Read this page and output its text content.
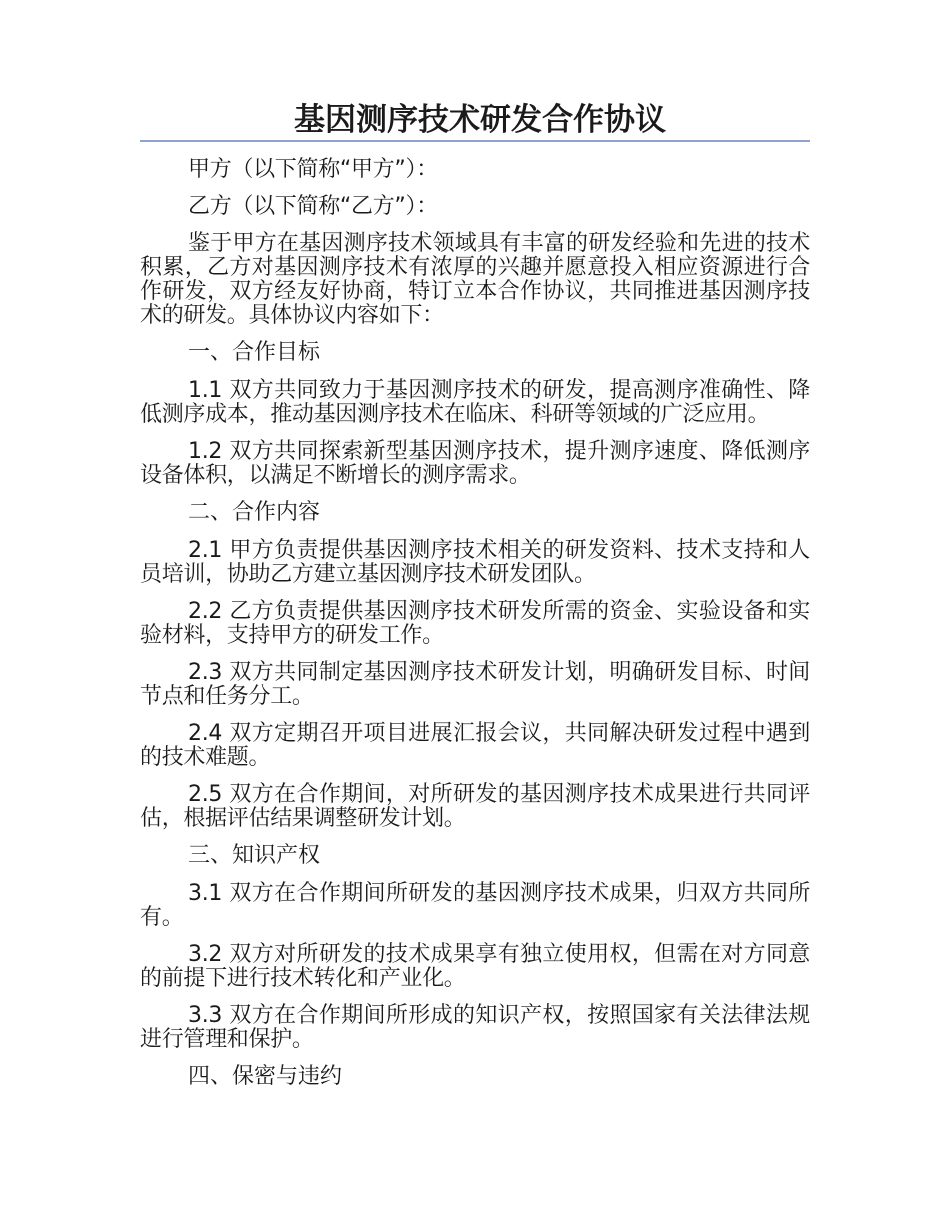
基因测序技术研发合作协议

甲方（以下简称“甲方”）：

乙方（以下简称“乙方”）：

鉴于甲方在基因测序技术领域具有丰富的研发经验和先进的技术积累，乙方对基因测序技术有浓厚的兴趣并愿意投入相应资源进行合作研发，双方经友好协商，特订立本合作协议，共同推进基因测序技术的研发。具体协议内容如下：

一、合作目标

1.1 双方共同致力于基因测序技术的研发，提高测序准确性、降低测序成本，推动基因测序技术在临床、科研等领域的广泛应用。

1.2 双方共同探索新型基因测序技术，提升测序速度、降低测序设备体积，以满足不断增长的测序需求。

二、合作内容

2.1 甲方负责提供基因测序技术相关的研发资料、技术支持和人员培训，协助乙方建立基因测序技术研发团队。

2.2 乙方负责提供基因测序技术研发所需的资金、实验设备和实验材料，支持甲方的研发工作。

2.3 双方共同制定基因测序技术研发计划，明确研发目标、时间节点和任务分工。

2.4 双方定期召开项目进展汇报会议，共同解决研发过程中遇到的技术难题。

2.5 双方在合作期间，对所研发的基因测序技术成果进行共同评估，根据评估结果调整研发计划。

三、知识产权

3.1 双方在合作期间所研发的基因测序技术成果，归双方共同所有。

3.2 双方对所研发的技术成果享有独立使用权，但需在对方同意的前提下进行技术转化和产业化。

3.3 双方在合作期间所形成的知识产权，按照国家有关法律法规进行管理和保护。

四、保密与违约
